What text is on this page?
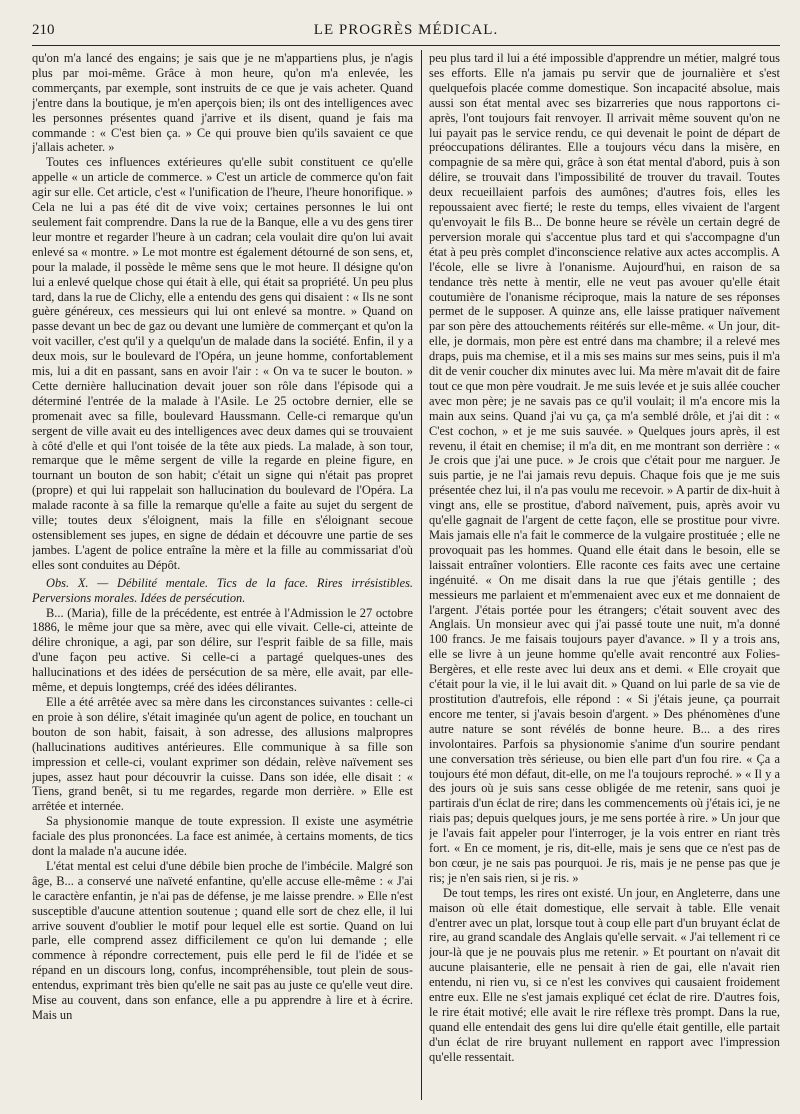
210	LE PROGRÈS MÉDICAL.

qu'on m'a lancé des engains; je sais que je ne m'appartiens plus, je n'agis plus par moi-même. Grâce à mon heure, qu'on m'a enlevée, les commerçants, par exemple, sont instruits de ce que je vais acheter. Quand j'entre dans la boutique, je m'en aperçois bien; ils ont des intelligences avec les personnes présentes quand j'arrive et ils disent, quand je fais ma commande : « C'est bien ça. » Ce qui prouve bien qu'ils savaient ce que j'allais acheter. »

Toutes ces influences extérieures qu'elle subit constituent ce qu'elle appelle « un article de commerce. » C'est un article de commerce qu'on fait agir sur elle. Cet article, c'est « l'unification de l'heure, l'heure honorifique. » Cela ne lui a pas été dit de vive voix; certaines personnes le lui ont seulement fait comprendre. Dans la rue de la Banque, elle a vu des gens tirer leur montre et regarder l'heure à un cadran; cela voulait dire qu'on lui avait enlevé sa « montre. » Le mot montre est également détourné de son sens, et, pour la malade, il possède le même sens que le mot heure. Il désigne qu'on lui a enlevé quelque chose qui était à elle, qui était sa propriété. Un peu plus tard, dans la rue de Clichy, elle a entendu des gens qui disaient : « Ils ne sont guère généreux, ces messieurs qui lui ont enlevé sa montre. » Quand on passe devant un bec de gaz ou devant une lumière de commerçant et qu'on la voit vaciller, c'est qu'il y a quelqu'un de malade dans la société. Enfin, il y a deux mois, sur le boulevard de l'Opéra, un jeune homme, confortablement mis, lui a dit en passant, sans en avoir l'air : « On va te sucer le bouton. » Cette dernière hallucination devait jouer son rôle dans l'épisode qui a déterminé l'entrée de la malade à l'Asile. Le 25 octobre dernier, elle se promenait avec sa fille, boulevard Haussmann. Celle-ci remarque qu'un sergent de ville avait eu des intelligences avec deux dames qui se trouvaient à côté d'elle et qui l'ont toisée de la tête aux pieds. La malade, à son tour, remarque que le même sergent de ville la regarde en pleine figure, en tournant un bouton de son habit; c'était un signe qui n'était pas propret (propre) et qui lui rappelait son hallucination du boulevard de l'Opéra. La malade raconte à sa fille la remarque qu'elle a faite au sujet du sergent de ville; toutes deux s'éloignent, mais la fille en s'éloignant secoue ostensiblement ses jupes, en signe de dédain et découvre une partie de ses jambes. L'agent de police entraîne la mère et la fille au commissariat d'où elles sont conduites au Dépôt.

Obs. X. — Débilité mentale. Tics de la face. Rires irrésistibles. Perversions morales. Idées de persécution.

B... (Maria), fille de la précédente, est entrée à l'Admission le 27 octobre 1886, le même jour que sa mère, avec qui elle vivait. Celle-ci, atteinte de délire chronique, a agi, par son délire, sur l'esprit faible de sa fille, mais d'une façon peu active. Si celle-ci a partagé quelques-unes des hallucinations et des idées de persécution de sa mère, elle avait, par elle-même, et depuis longtemps, créé des idées délirantes.

Elle a été arrêtée avec sa mère dans les circonstances suivantes : celle-ci en proie à son délire, s'était imaginée qu'un agent de police, en touchant un bouton de son habit, faisait, à son adresse, des allusions malpropres (hallucinations auditives antérieures. Elle communique à sa fille son impression et celle-ci, voulant exprimer son dédain, relève naïvement ses jupes, assez haut pour découvrir la cuisse. Dans son idée, elle disait : « Tiens, grand benêt, si tu me regardes, regarde mon derrière. » Elle est arrêtée et internée.

Sa physionomie manque de toute expression. Il existe une asymétrie faciale des plus prononcées. La face est animée, à certains moments, de tics dont la malade n'a aucune idée.

L'état mental est celui d'une débile bien proche de l'imbécile. Malgré son âge, B... a conservé une naïveté enfantine, qu'elle accuse elle-même : « J'ai le caractère enfantin, je n'ai pas de défense, je me laisse prendre. » Elle n'est susceptible d'aucune attention soutenue ; quand elle sort de chez elle, il lui arrive souvent d'oublier le motif pour lequel elle est sortie. Quand on lui parle, elle comprend assez difficilement ce qu'on lui demande ; elle commence à répondre correctement, puis elle perd le fil de l'idée et se répand en un discours long, confus, incompréhensible, tout plein de sous-entendus, exprimant très bien qu'elle ne sait pas au juste ce qu'elle veut dire. Mise au couvent, dans son enfance, elle a pu apprendre à lire et à écrire. Mais un

peu plus tard il lui a été impossible d'apprendre un métier, malgré tous ses efforts. Elle n'a jamais pu servir que de journalière et s'est quelquefois placée comme domestique. Son incapacité absolue, mais aussi son état mental avec ses bizarreries que nous rapportons ci-après, l'ont toujours fait renvoyer. Il arrivait même souvent qu'on ne lui payait pas le service rendu, ce qui devenait le point de départ de préoccupations délirantes. Elle a toujours vécu dans la misère, en compagnie de sa mère qui, grâce à son état mental d'abord, puis à son délire, se trouvait dans l'impossibilité de trouver du travail. Toutes deux recueillaient parfois des aumônes; d'autres fois, elles les repoussaient avec fierté; le reste du temps, elles vivaient de l'argent qu'envoyait le fils B... De bonne heure se révèle un certain degré de perversion morale qui s'accentue plus tard et qui s'accompagne d'un état à peu près complet d'inconscience relative aux actes accomplis. A l'école, elle se livre à l'onanisme. Aujourd'hui, en raison de sa tendance très nette à mentir, elle ne veut pas avouer qu'elle était coutumière de l'onanisme réciproque, mais la nature de ses réponses permet de le supposer. A quinze ans, elle laisse pratiquer naïvement par son père des attouchements réitérés sur elle-même. « Un jour, dit-elle, je dormais, mon père est entré dans ma chambre; il a relevé mes draps, puis ma chemise, et il a mis ses mains sur mes seins, puis il m'a dit de venir coucher dix minutes avec lui. Ma mère m'avait dit de faire tout ce que mon père voudrait. Je me suis levée et je suis allée coucher avec mon père; je ne savais pas ce qu'il voulait; il m'a encore mis la main aux seins. Quand j'ai vu ça, ça m'a semblé drôle, et j'ai dit : « C'est cochon, » et je me suis sauvée. » Quelques jours après, il est revenu, il était en chemise; il m'a dit, en me montrant son derrière : « Je crois que j'ai une puce. » Je crois que c'était pour me narguer. Je suis partie, je ne l'ai jamais revu depuis. Chaque fois que je me suis présentée chez lui, il n'a pas voulu me recevoir. » A partir de dix-huit à vingt ans, elle se prostitue, d'abord naïvement, puis, après avoir vu qu'elle gagnait de l'argent de cette façon, elle se prostitue pour vivre. Mais jamais elle n'a fait le commerce de la vulgaire prostituée ; elle ne provoquait pas les hommes. Quand elle était dans le besoin, elle se laissait entraîner volontiers. Elle raconte ces faits avec une certaine ingénuité. « On me disait dans la rue que j'étais gentille ; des messieurs me parlaient et m'emmenaient avec eux et me donnaient de l'argent. J'étais portée pour les étrangers; c'était souvent avec des Anglais. Un monsieur avec qui j'ai passé toute une nuit, m'a donné 100 francs. Je me faisais toujours payer d'avance. » Il y a trois ans, elle se livre à un jeune homme qu'elle avait rencontré aux Folies-Bergères, et elle reste avec lui deux ans et demi. « Elle croyait que c'était pour la vie, il le lui avait dit. » Quand on lui parle de sa vie de prostitution d'autrefois, elle répond : « Si j'étais jeune, ça pourrait encore me tenter, si j'avais besoin d'argent. » Des phénomènes d'une autre nature se sont révélés de bonne heure. B... a des rires involontaires. Parfois sa physionomie s'anime d'un sourire pendant une conversation très sérieuse, ou bien elle part d'un fou rire. « Ça a toujours été mon défaut, dit-elle, on me l'a toujours reproché. » « Il y a des jours où je suis sans cesse obligée de me retenir, sans quoi je partirais d'un éclat de rire; dans les commencements où j'étais ici, je ne riais pas; depuis quelques jours, je me sens portée à rire. » Un jour que je l'avais fait appeler pour l'interroger, je la vois entrer en riant très fort. « En ce moment, je ris, dit-elle, mais je sens que ce n'est pas de bon cœur, je ne sais pas pourquoi. Je ris, mais je ne pense pas que je ris; je n'en sais rien, si je ris. »

De tout temps, les rires ont existé. Un jour, en Angleterre, dans une maison où elle était domestique, elle servait à table. Elle venait d'entrer avec un plat, lorsque tout à coup elle part d'un bruyant éclat de rire, au grand scandale des Anglais qu'elle servait. « J'ai tellement ri ce jour-là que je ne pouvais plus me retenir. » Et pourtant on n'avait dit aucune plaisanterie, elle ne pensait à rien de gai, elle n'avait rien entendu, ni rien vu, si ce n'est les convives qui causaient froidement entre eux. Elle ne s'est jamais expliqué cet éclat de rire. D'autres fois, le rire était motivé; elle avait le rire réflexe très prompt. Dans la rue, quand elle entendait des gens lui dire qu'elle était gentille, elle partait d'un éclat de rire bruyant nullement en rapport avec l'impression qu'elle ressentait.
